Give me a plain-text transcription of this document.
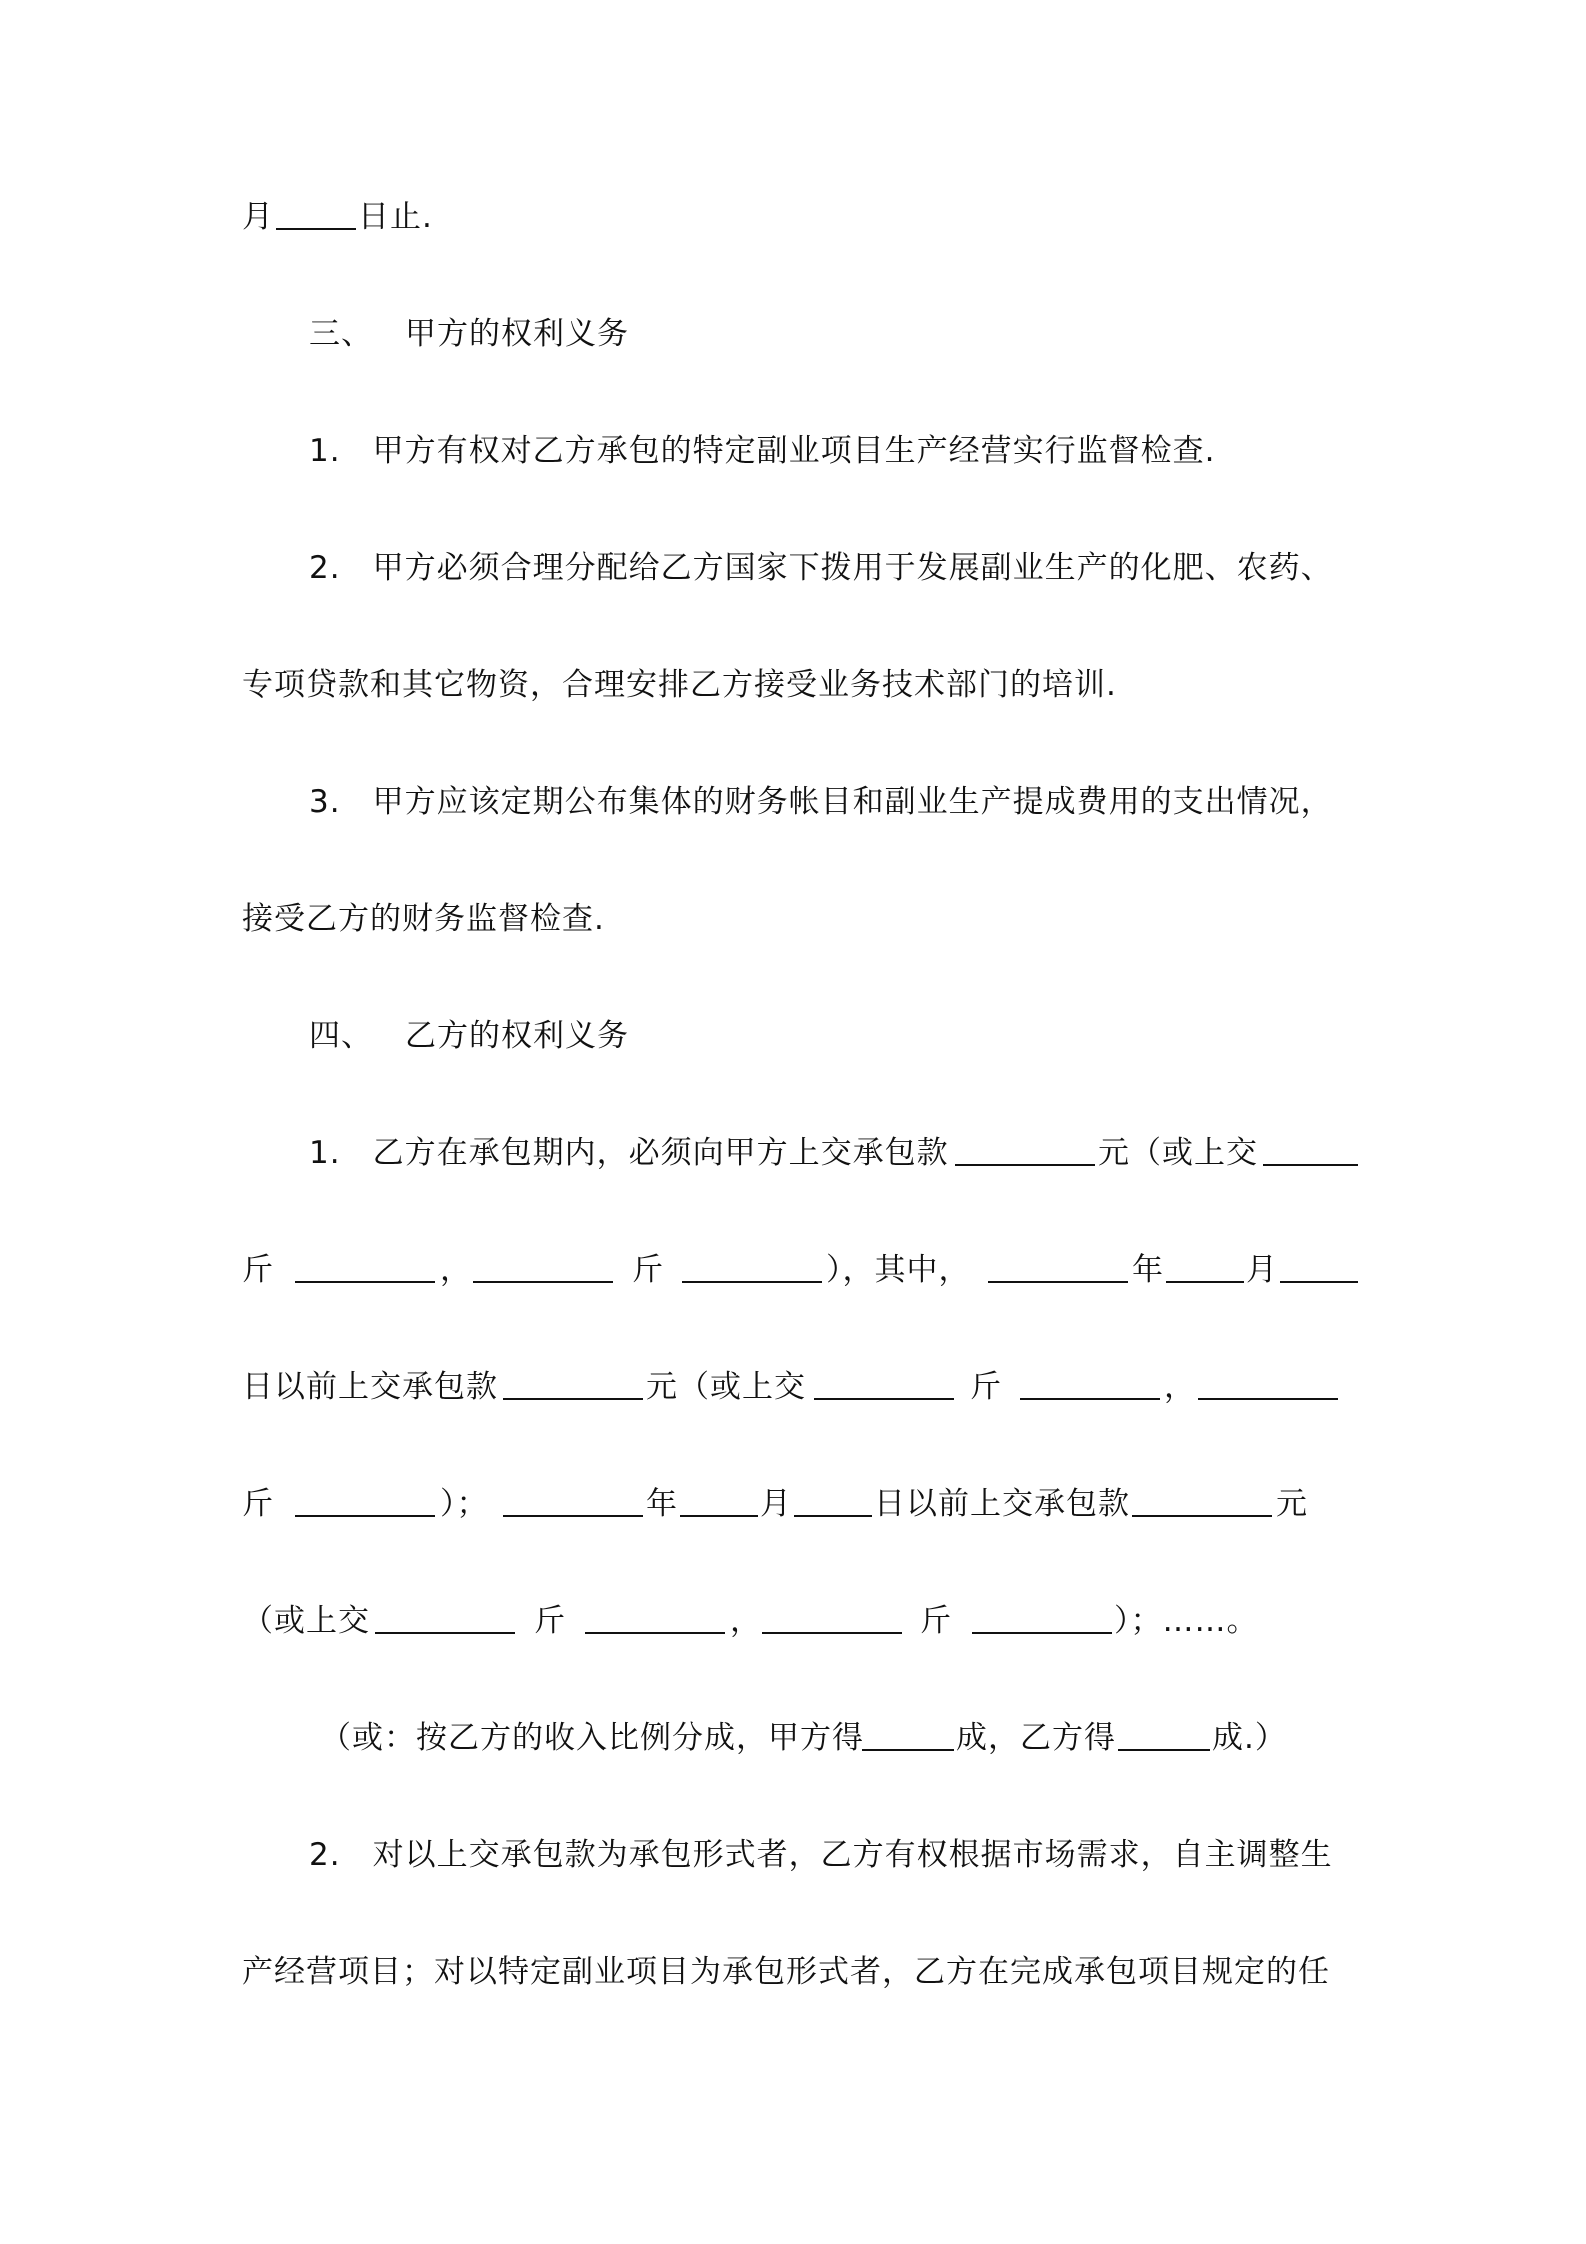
月	日止.
三、 甲方的权利义务
1.　甲方有权对乙方承包的特定副业项目生产经营实行监督检查.
2.　甲方必须合理分配给乙方国家下拨用于发展副业生产的化肥、农药、
专项贷款和其它物资，合理安排乙方接受业务技术部门的培训.
3.　甲方应该定期公布集体的财务帐目和副业生产提成费用的支出情况，
接受乙方的财务监督检查.
四、 乙方的权利义务
1.　乙方在承包期内，必须向甲方上交承包款	元（或上交
斤	，	斤	），其中，	年	月
日以前上交承包款	元（或上交	斤	，
斤	）；	年	月	日以前上交承包款	元
（或上交	斤	，	斤	）；……。
（或：按乙方的收入比例分成，甲方得	成，乙方得	成.）
2.　对以上交承包款为承包形式者，乙方有权根据市场需求，自主调整生
产经营项目；对以特定副业项目为承包形式者，乙方在完成承包项目规定的任
